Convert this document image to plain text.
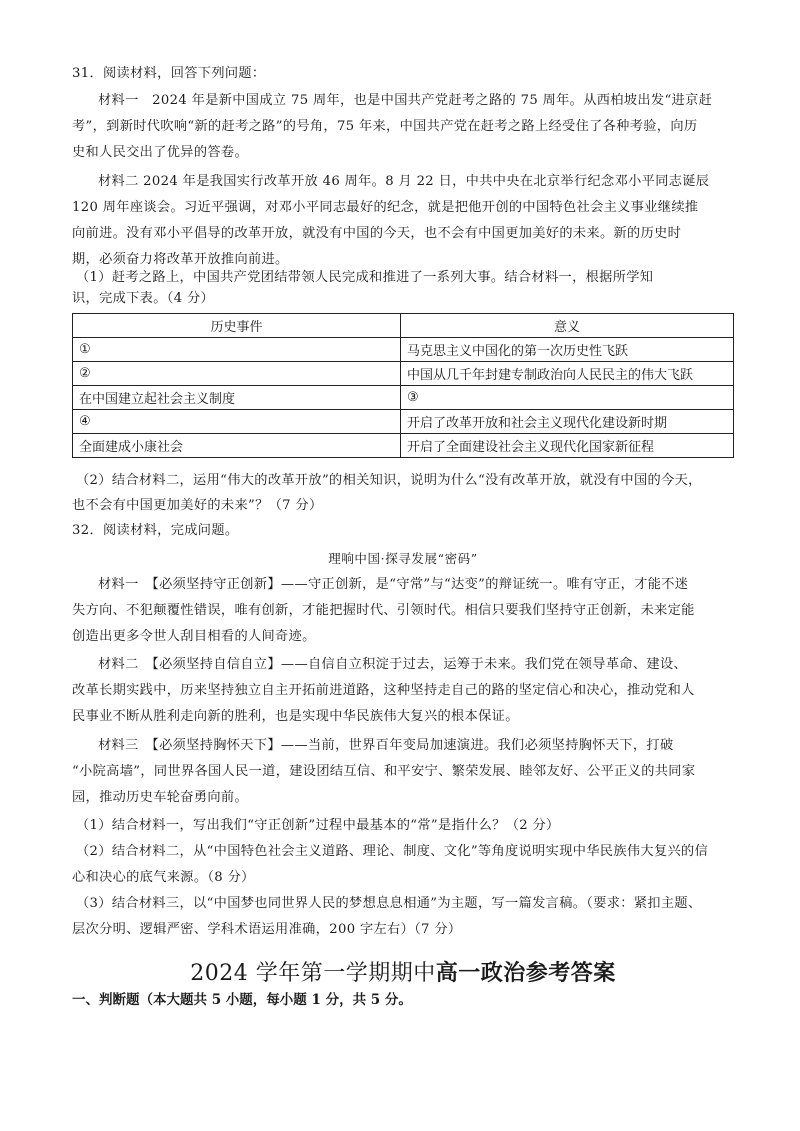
31．阅读材料，回答下列问题：
材料一　2024 年是新中国成立 75 周年，也是中国共产党赶考之路的 75 周年。从西柏坡出发“进京赶
考”，到新时代吹响“新的赶考之路”的号角，75 年来，中国共产党在赶考之路上经受住了各种考验，向历
史和人民交出了优异的答卷。
材料二 2024 年是我国实行改革开放 46 周年。8 月 22 日，中共中央在北京举行纪念邓小平同志诞辰
120 周年座谈会。习近平强调，对邓小平同志最好的纪念，就是把他开创的中国特色社会主义事业继续推
向前进。没有邓小平倡导的改革开放，就没有中国的今天，也不会有中国更加美好的未来。新的历史时
期，必须奋力将改革开放推向前进。
（1）赶考之路上，中国共产党团结带领人民完成和推进了一系列大事。结合材料一，根据所学知
识，完成下表。（4 分）
历史事件	意义
①	马克思主义中国化的第一次历史性飞跃
②	中国从几千年封建专制政治向人民民主的伟大飞跃
在中国建立起社会主义制度	③
④	开启了改革开放和社会主义现代化建设新时期
全面建成小康社会	开启了全面建设社会主义现代化国家新征程
（2）结合材料二，运用“伟大的改革开放”的相关知识，说明为什么“没有改革开放，就没有中国的今天，
也不会有中国更加美好的未来”？（7 分）
32．阅读材料，完成问题。
理响中国·探寻发展“密码”
材料一　【必须坚持守正创新】——守正创新，是“守常”与“达变”的辩证统一。唯有守正，才能不迷
失方向、不犯颠覆性错误，唯有创新，才能把握时代、引领时代。相信只要我们坚持守正创新，未来定能
创造出更多令世人刮目相看的人间奇迹。
材料二　【必须坚持自信自立】——自信自立积淀于过去，运筹于未来。我们党在领导革命、建设、
改革长期实践中，历来坚持独立自主开拓前进道路，这种坚持走自己的路的坚定信心和决心，推动党和人
民事业不断从胜利走向新的胜利，也是实现中华民族伟大复兴的根本保证。
材料三　【必须坚持胸怀天下】——当前，世界百年变局加速演进。我们必须坚持胸怀天下，打破
“小院高墙”，同世界各国人民一道，建设团结互信、和平安宁、繁荣发展、睦邻友好、公平正义的共同家
园，推动历史车轮奋勇向前。
（1）结合材料一，写出我们“守正创新”过程中最基本的“常”是指什么？（2 分）
（2）结合材料二，从“中国特色社会主义道路、理论、制度、文化”等角度说明实现中华民族伟大复兴的信
心和决心的底气来源。（8 分）
（3）结合材料三，以“中国梦也同世界人民的梦想息息相通”为主题，写一篇发言稿。（要求：紧扣主题、
层次分明、逻辑严密、学科术语运用准确，200 字左右）（7 分）
2024 学年第一学期期中高一政治参考答案
一、判断题（本大题共 5 小题，每小题 1 分，共 5 分。
